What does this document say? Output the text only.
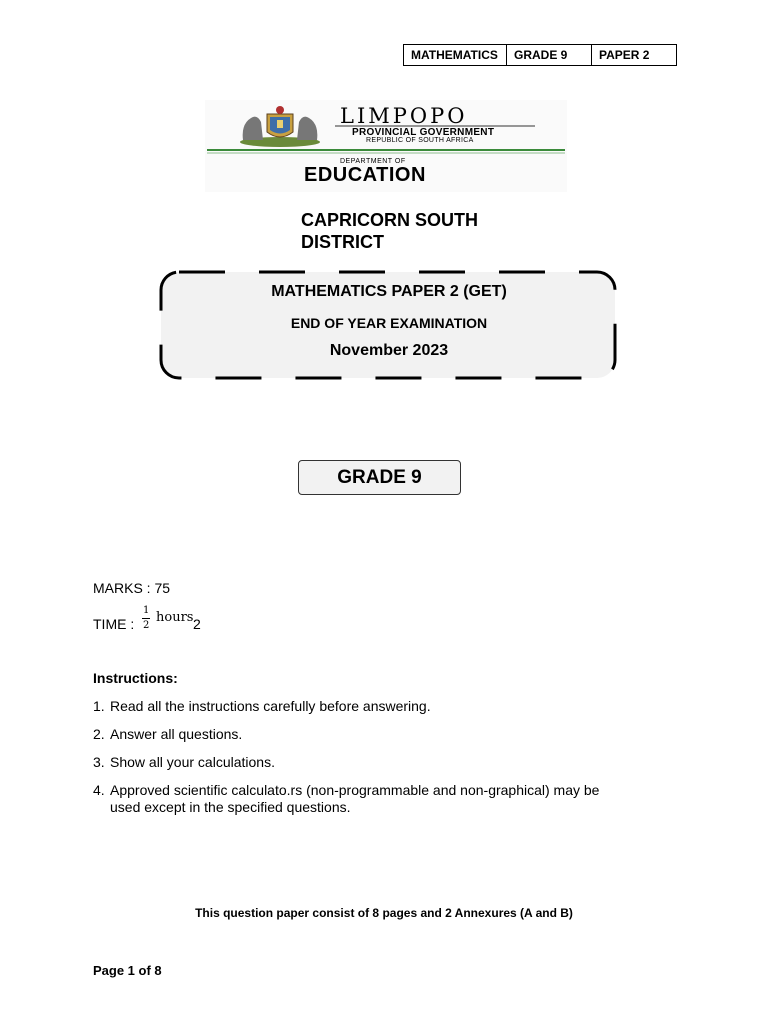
MATHEMATICS	GRADE 9	PAPER 2
LIMPOPO
PROVINCIAL GOVERNMENT
REPUBLIC OF SOUTH AFRICA
DEPARTMENT OF
EDUCATION
CAPRICORN SOUTH DISTRICT
MATHEMATICS PAPER 2 (GET)
END OF YEAR EXAMINATION
November 2023
GRADE 9
MARKS : 75
TIME :
1
2
hours 2
Instructions:
1. Read all the instructions carefully before answering.
2. Answer all questions.
3. Show all your calculations.
4. Approved scientific calculato.rs (non-programmable and non-graphical) may be
used except in the specified questions.
This question paper consist of 8 pages and 2 Annexures (A and B)
Page 1 of 8
